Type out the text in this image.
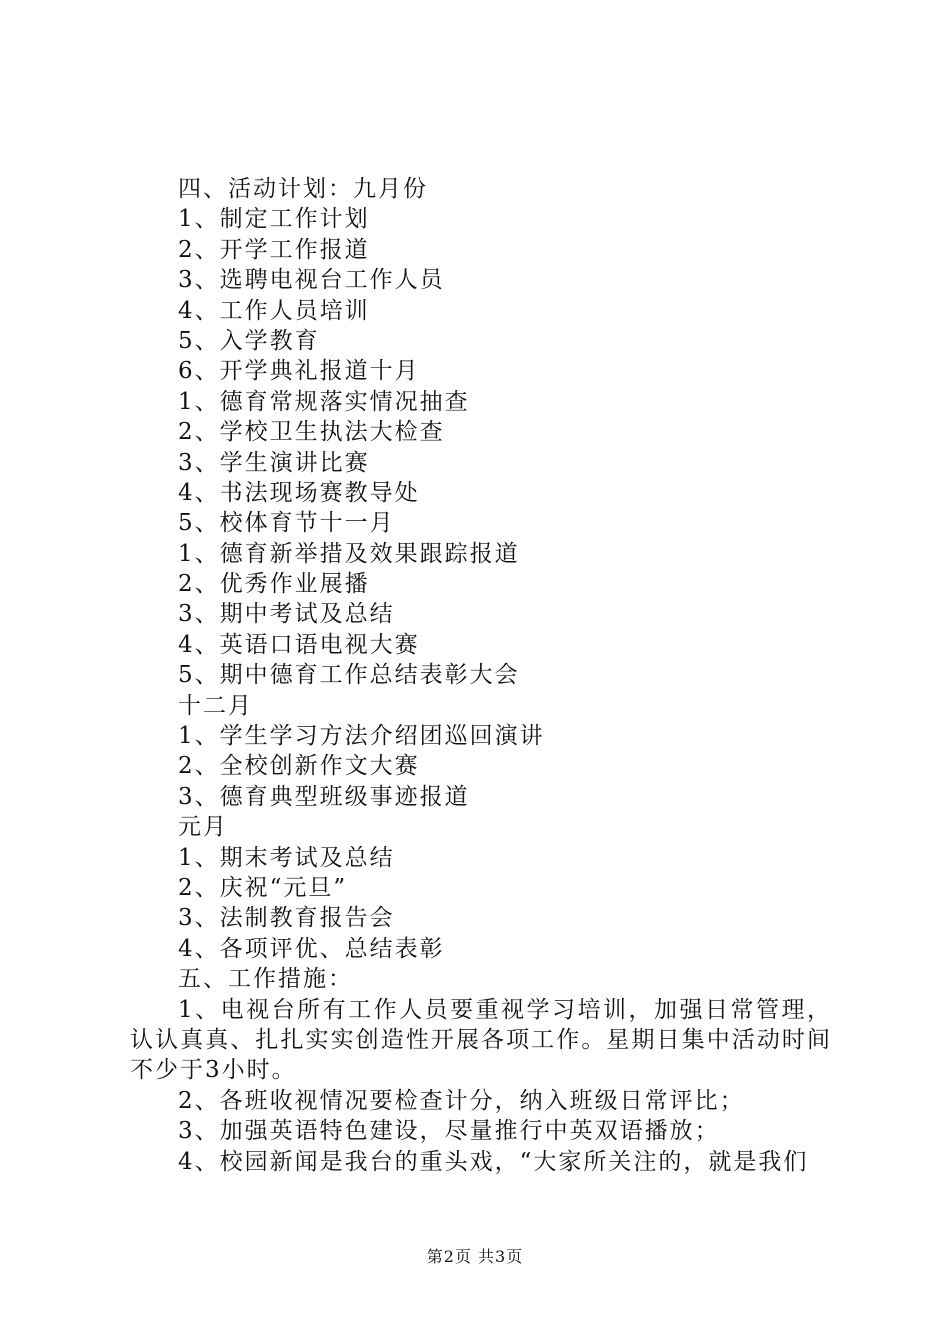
四、活动计划：九月份
1、制定工作计划
2、开学工作报道
3、选聘电视台工作人员
4、工作人员培训
5、入学教育
6、开学典礼报道十月
1、德育常规落实情况抽查
2、学校卫生执法大检查
3、学生演讲比赛
4、书法现场赛教导处
5、校体育节十一月
1、德育新举措及效果跟踪报道
2、优秀作业展播
3、期中考试及总结
4、英语口语电视大赛
5、期中德育工作总结表彰大会
十二月
1、学生学习方法介绍团巡回演讲
2、全校创新作文大赛
3、德育典型班级事迹报道
元月
1、期末考试及总结
2、庆祝“元旦”
3、法制教育报告会
4、各项评优、总结表彰
五、工作措施：
1、电视台所有工作人员要重视学习培训，加强日常管理，认认真真、扎扎实实创造性开展各项工作。星期日集中活动时间不少于3小时。
2、各班收视情况要检查计分，纳入班级日常评比；
3、加强英语特色建设，尽量推行中英双语播放；
4、校园新闻是我台的重头戏，“大家所关注的，就是我们
第2页 共3页
